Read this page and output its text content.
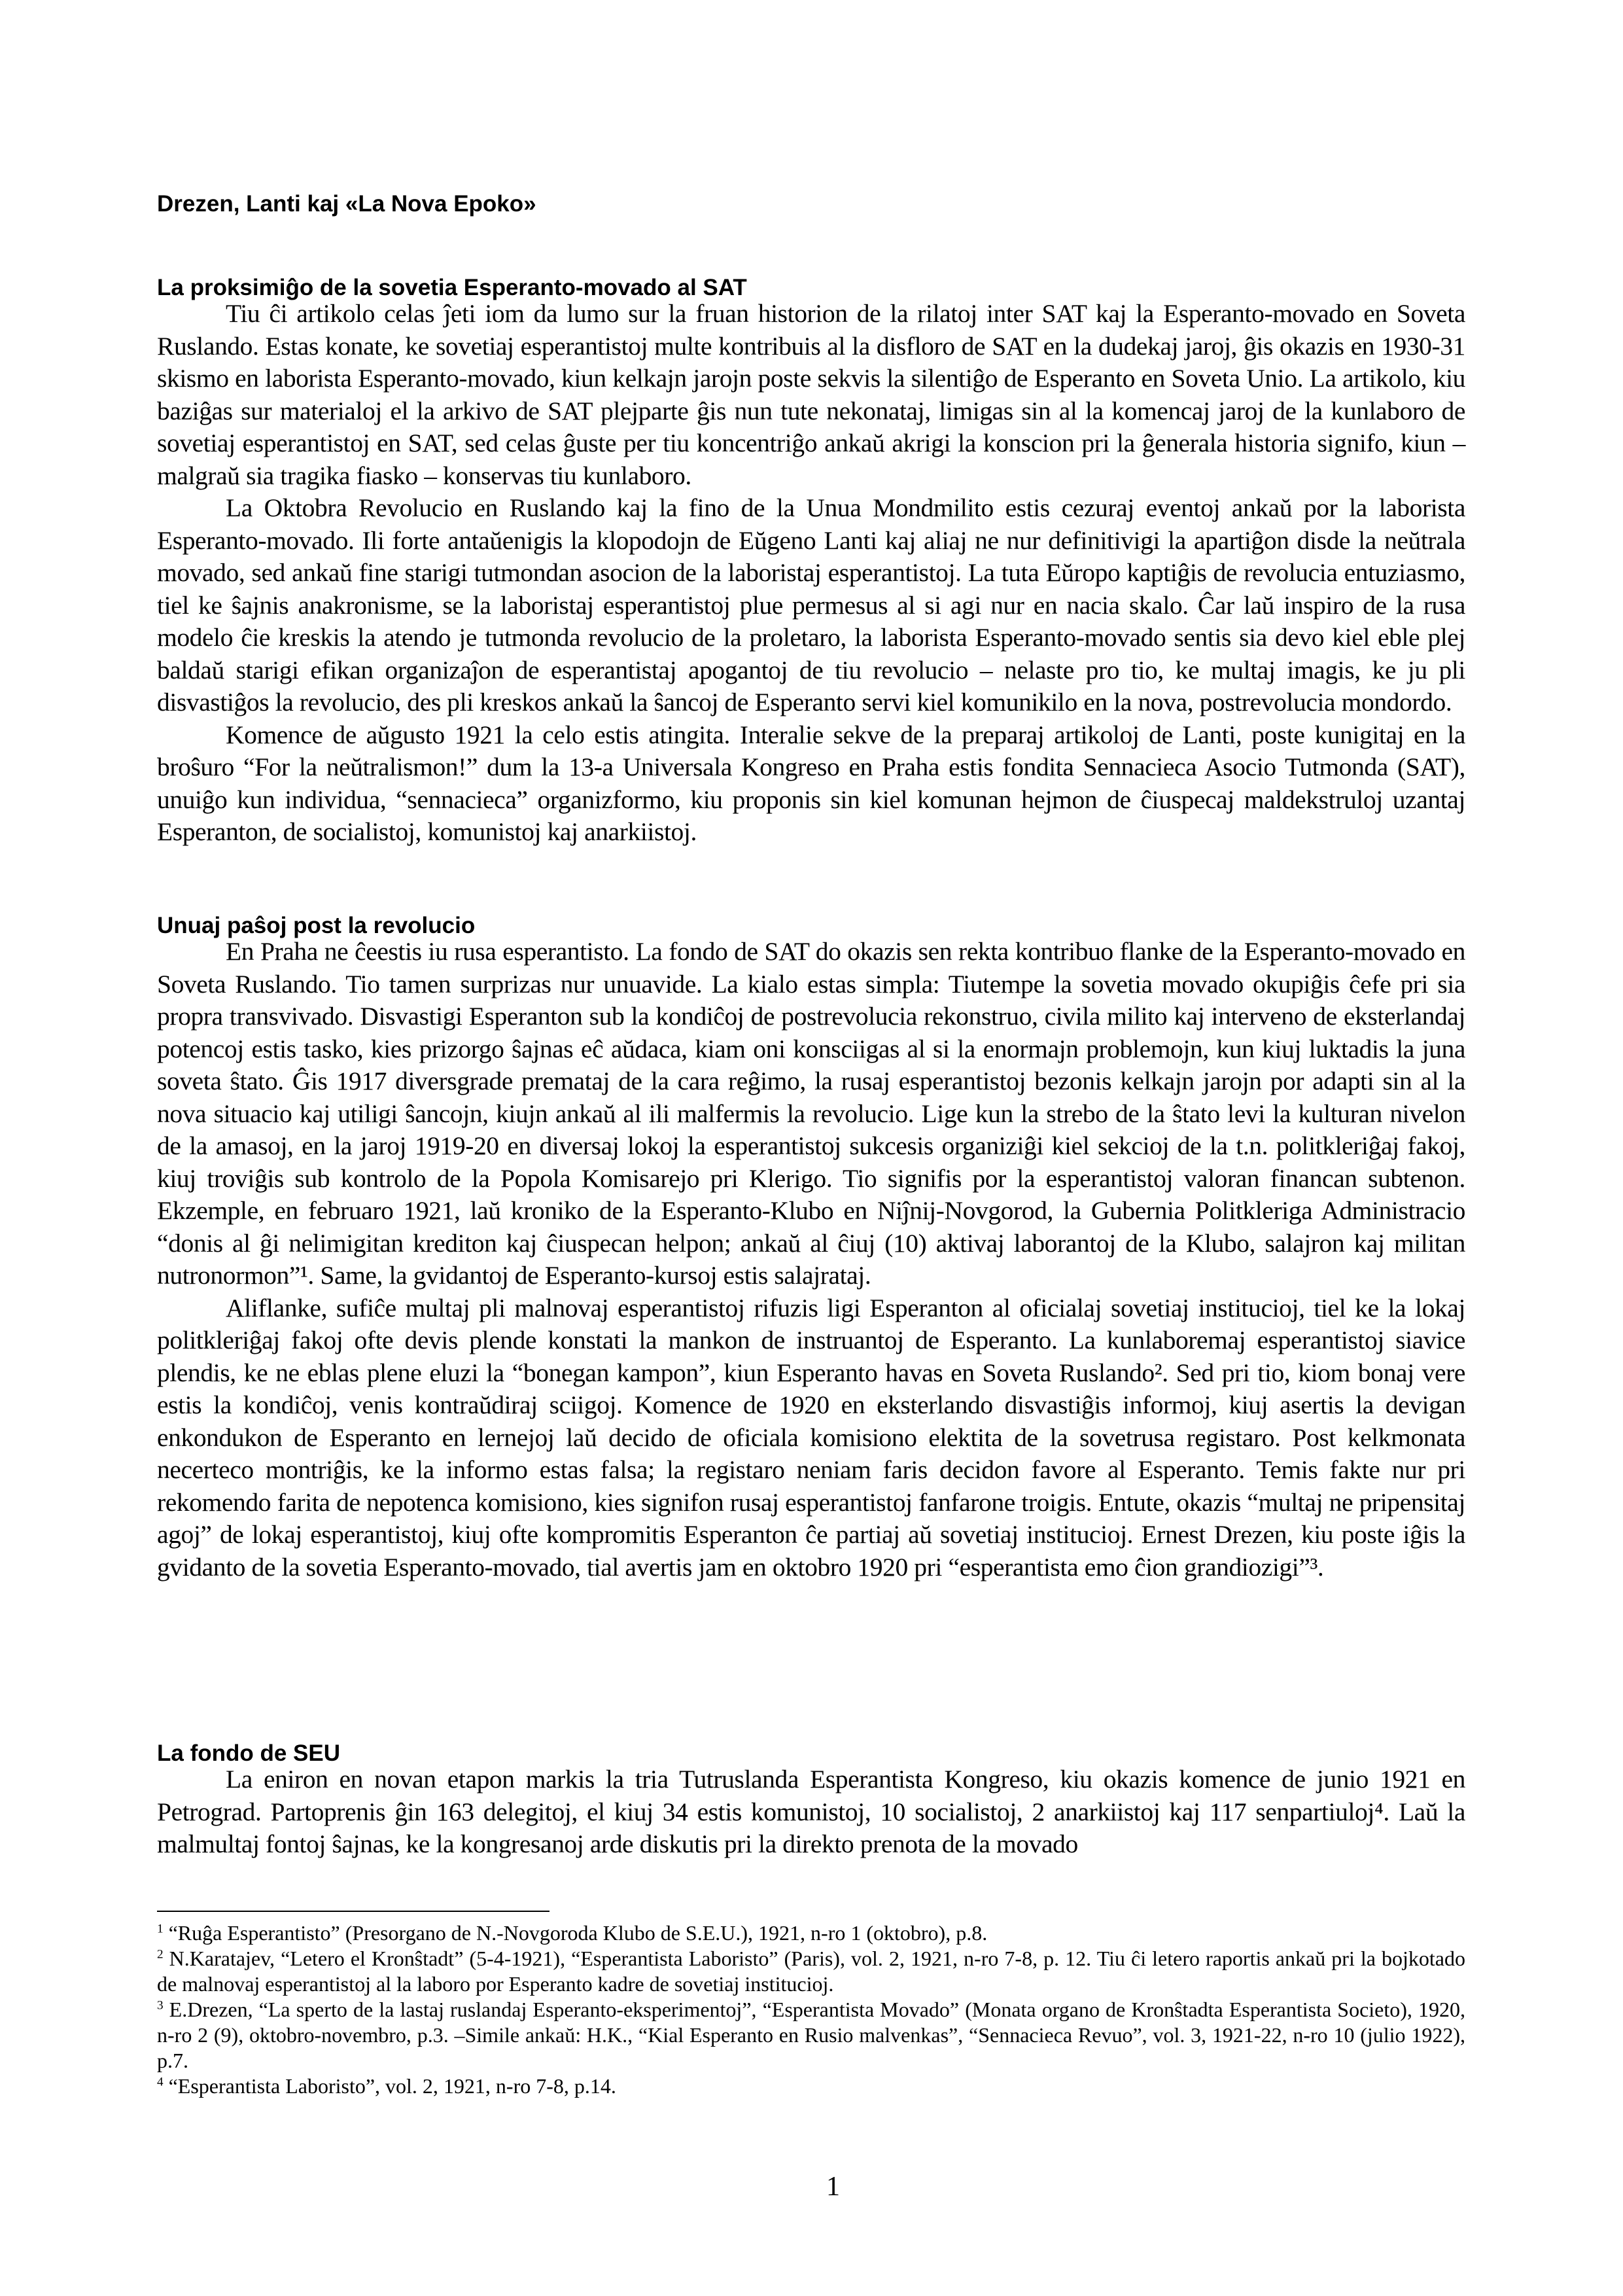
Drezen, Lanti kaj «La Nova Epoko»
La proksimiĝo de la sovetia Esperanto-movado al SAT

Tiu ĉi artikolo celas ĵeti iom da lumo sur la fruan historion de la rilatoj inter SAT kaj la Esperanto-movado en Soveta Ruslando. Estas konate, ke sovetiaj esperantistoj multe kontribuis al la disfloro de SAT en la dudekaj jaroj, ĝis okazis en 1930-31 skismo en laborista Esperanto-movado, kiun kelkajn jarojn poste sekvis la silentiĝo de Esperanto en Soveta Unio. La artikolo, kiu baziĝas sur materialoj el la arkivo de SAT plejparte ĝis nun tute nekonataj, limigas sin al la komencaj jaroj de la kunlaboro de sovetiaj esperantistoj en SAT, sed celas ĝuste per tiu koncentriĝo ankaŭ akrigi la konscion pri la ĝenerala historia signifo, kiun – malgraŭ sia tragika fiasko – konservas tiu kunlaboro.

La Oktobra Revolucio en Ruslando kaj la fino de la Unua Mondmilito estis cezuraj eventoj ankaŭ por la laborista Esperanto-movado. Ili forte antaŭenigis la klopodojn de Eŭgeno Lanti kaj aliaj ne nur definitivigi la apartiĝon disde la neŭtrala movado, sed ankaŭ fine starigi tutmondan asocion de la laboristaj esperantistoj. La tuta Eŭropo kaptiĝis de revolucia entuziasmo, tiel ke ŝajnis anakronisme, se la laboristaj esperantistoj plue permesus al si agi nur en nacia skalo. Ĉar laŭ inspiro de la rusa modelo ĉie kreskis la atendo je tutmonda revolucio de la proletaro, la laborista Esperanto-movado sentis sia devo kiel eble plej baldaŭ starigi efikan organizaĵon de esperantistaj apogantoj de tiu revolucio – nelaste pro tio, ke multaj imagis, ke ju pli disvastiĝos la revolucio, des pli kreskos ankaŭ la ŝancoj de Esperanto servi kiel komunikilo en la nova, postrevolucia mondordo.

Komence de aŭgusto 1921 la celo estis atingita. Interalie sekve de la preparaj artikoloj de Lanti, poste kunigitaj en la broŝuro “For la neŭtralismon!” dum la 13-a Universala Kongreso en Praha estis fondita Sennacieca Asocio Tutmonda (SAT), unuiĝo kun individua, “sennacieca” organizformo, kiu proponis sin kiel komunan hejmon de ĉiuspecaj maldekstruloj uzantaj Esperanton, de socialistoj, komunistoj kaj anarkiistoj.

Unuaj paŝoj post la revolucio

En Praha ne ĉeestis iu rusa esperantisto. La fondo de SAT do okazis sen rekta kontribuo flanke de la Esperanto-movado en Soveta Ruslando. Tio tamen surprizas nur unuavide. La kialo estas simpla: Tiutempe la sovetia movado okupiĝis ĉefe pri sia propra transvivado. Disvastigi Esperanton sub la kondiĉoj de postrevolucia rekonstruo, civila milito kaj interveno de eksterlandaj potencoj estis tasko, kies prizorgo ŝajnas eĉ aŭdaca, kiam oni konsciigas al si la enormajn problemojn, kun kiuj luktadis la juna soveta ŝtato. Ĝis 1917 diversgrade premataj de la cara reĝimo, la rusaj esperantistoj bezonis kelkajn jarojn por adapti sin al la nova situacio kaj utiligi ŝancojn, kiujn ankaŭ al ili malfermis la revolucio. Lige kun la strebo de la ŝtato levi la kulturan nivelon de la amasoj, en la jaroj 1919-20 en diversaj lokoj la esperantistoj sukcesis organiziĝi kiel sekcioj de la t.n. politkleriĝaj fakoj, kiuj troviĝis sub kontrolo de la Popola Komisarejo pri Klerigo. Tio signifis por la esperantistoj valoran financan subtenon. Ekzemple, en februaro 1921, laŭ kroniko de la Esperanto-Klubo en Niĵnij-Novgorod, la Gubernia Politkleriga Administracio “donis al ĝi nelimigitan krediton kaj ĉiuspecan helpon; ankaŭ al ĉiuj (10) aktivaj laborantoj de la Klubo, salajron kaj militan nutronormon”¹. Same, la gvidantoj de Esperanto-kursoj estis salajrataj.

Aliflanke, sufiĉe multaj pli malnovaj esperantistoj rifuzis ligi Esperanton al oficialaj sovetiaj institucioj, tiel ke la lokaj politkleriĝaj fakoj ofte devis plende konstati la mankon de instruantoj de Esperanto. La kunlaboremaj esperantistoj siavice plendis, ke ne eblas plene eluzi la “bonegan kampon”, kiun Esperanto havas en Soveta Ruslando². Sed pri tio, kiom bonaj vere estis la kondiĉoj, venis kontraŭdiraj sciigoj. Komence de 1920 en eksterlando disvastiĝis informoj, kiuj asertis la devigan enkondukon de Esperanto en lernejoj laŭ decido de oficiala komisiono elektita de la sovetrusa registaro. Post kelkmonata necerteco montriĝis, ke la informo estas falsa; la registaro neniam faris decidon favore al Esperanto. Temis fakte nur pri rekomendo farita de nepotenca komisiono, kies signifon rusaj esperantistoj fanfarone troigis. Entute, okazis “multaj ne pripensitaj agoj” de lokaj esperantistoj, kiuj ofte kompromitis Esperanton ĉe partiaj aŭ sovetiaj institucioj. Ernest Drezen, kiu poste iĝis la gvidanto de la sovetia Esperanto-movado, tial avertis jam en oktobro 1920 pri “esperantista emo ĉion grandiozigi”³.

La fondo de SEU

La eniron en novan etapon markis la tria Tutruslanda Esperantista Kongreso, kiu okazis komence de junio 1921 en Petrograd. Partoprenis ĝin 163 delegitoj, el kiuj 34 estis komunistoj, 10 socialistoj, 2 anarkiistoj kaj 117 senpartiuloj⁴. Laŭ la malmultaj fontoj ŝajnas, ke la kongresanoj arde diskutis pri la direkto prenota de la movado

$^1$ “Ruĝa Esperantisto” (Presorgano de N.-Novgoroda Klubo de S.E.U.), 1921, n-ro 1 (oktobro), p.8.

$^2$ N.Karatajev, “Letero el Kronŝtadt” (5-4-1921), “Esperantista Laboristo” (Paris), vol. 2, 1921, n-ro 7-8, p. 12. Tiu ĉi letero raportis ankaŭ pri la bojkotado de malnovaj esperantistoj al la laboro por Esperanto kadre de sovetiaj institucioj.

$^3$ E.Drezen, “La sperto de la lastaj ruslandaj Esperanto-eksperimentoj”, “Esperantista Movado” (Monata organo de Kronŝtadta Esperantista Societo), 1920, n-ro 2 (9), oktobro-novembro, p.3. –Simile ankaŭ: H.K., “Kial Esperanto en Rusio malvenkas”, “Sennacieca Revuo”, vol. 3, 1921-22, n-ro 10 (julio 1922), p.7.

$^4$ “Esperantista Laboristo”, vol. 2, 1921, n-ro 7-8, p.14.

1
